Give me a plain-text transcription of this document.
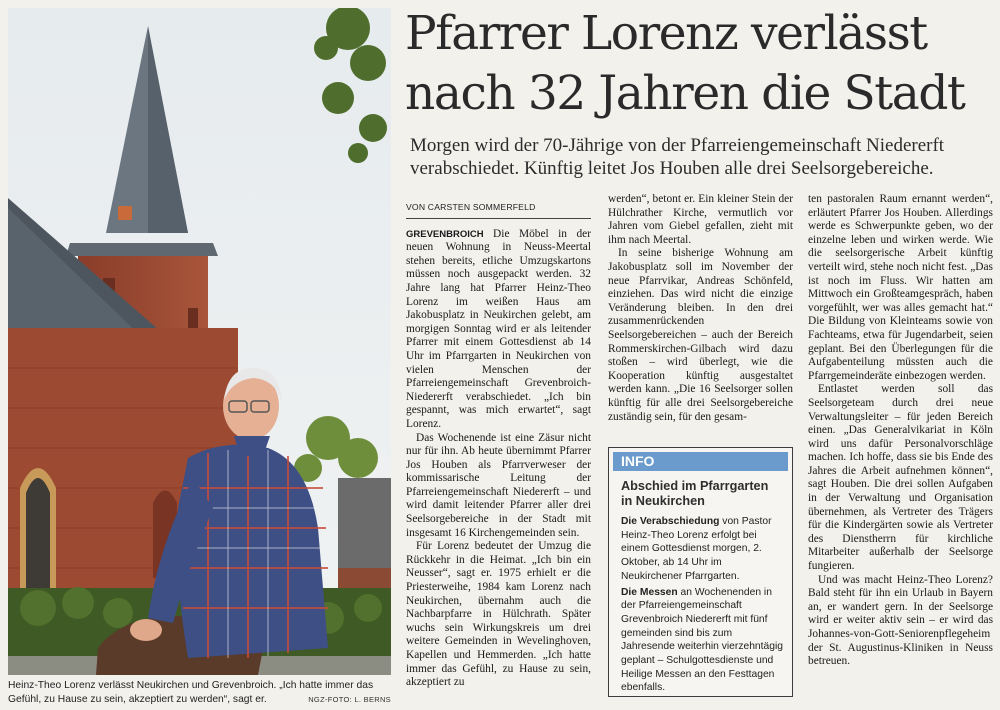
Heinz-Theo Lorenz verlässt Neukirchen und Grevenbroich. „Ich hatte immer das Gefühl, zu Hause zu sein, akzeptiert zu werden“, sagt er.	NGZ-FOTO: L. BERNS
Pfarrer Lorenz verlässt nach 32 Jahren die Stadt
Morgen wird der 70-Jährige von der Pfarreiengemeinschaft Niedererft verabschiedet. Künftig leitet Jos Houben alle drei Seelsorgebereiche.
VON CARSTEN SOMMERFELD

GREVENBROICH Die Möbel in der neuen Wohnung in Neuss-Meertal stehen bereits, etliche Umzugskartons müssen noch ausgepackt werden. 32 Jahre lang hat Pfarrer Heinz-Theo Lorenz im weißen Haus am Jakobusplatz in Neukirchen gelebt, am morgigen Sonntag wird er als leitender Pfarrer mit einem Gottesdienst ab 14 Uhr im Pfarrgarten in Neukirchen von vielen Menschen der Pfarreiengemeinschaft Grevenbroich-Niedererft verabschiedet. „Ich bin gespannt, was mich erwartet“, sagt Lorenz.

Das Wochenende ist eine Zäsur nicht nur für ihn. Ab heute übernimmt Pfarrer Jos Houben als Pfarrverweser der kommissarische Leitung der Pfarreiengemeinschaft Niedererft – und wird damit leitender Pfarrer aller drei Seelsorgebereiche in der Stadt mit insgesamt 16 Kirchengemeinden sein.

Für Lorenz bedeutet der Umzug die Rückkehr in die Heimat. „Ich bin ein Neusser“, sagt er. 1975 erhielt er die Priesterweihe, 1984 kam Lorenz nach Neukirchen, übernahm auch die Nachbarpfarre in Hülchrath. Später wuchs sein Wirkungskreis um drei weitere Gemeinden in Wevelinghoven, Kapellen und Hemmerden. „Ich hatte immer das Gefühl, zu Hause zu sein, akzeptiert zu

werden“, betont er. Ein kleiner Stein der Hülchrather Kirche, vermutlich vor Jahren vom Giebel gefallen, zieht mit ihm nach Meertal.

In seine bisherige Wohnung am Jakobusplatz soll im November der neue Pfarrvikar, Andreas Schönfeld, einziehen. Das wird nicht die einzige Veränderung bleiben. In den drei zusammenrückenden Seelsorgebereichen – auch der Bereich Rommerskirchen-Gilbach wird dazu stoßen – wird überlegt, wie die Kooperation künftig ausgestaltet werden kann. „Die 16 Seelsorger sollen künftig für alle drei Seelsorgebereiche zuständig sein, für den gesam-

INFO
Abschied im Pfarrgarten in Neukirchen

Die Verabschiedung von Pastor Heinz-Theo Lorenz erfolgt bei einem Gottesdienst morgen, 2. Oktober, ab 14 Uhr im Neukirchener Pfarrgarten.

Die Messen an Wochenenden in der Pfarreiengemeinschaft Grevenbroich Niedererft mit fünf gemeinden sind bis zum Jahresende weiterhin vierzehntägig geplant – Schulgottesdienste und Heilige Messen an den Festtagen ebenfalls.

ten pastoralen Raum ernannt werden“, erläutert Pfarrer Jos Houben. Allerdings werde es Schwerpunkte geben, wo der einzelne leben und wirken werde. Wie die seelsorgerische Arbeit künftig verteilt wird, stehe noch nicht fest. „Das ist noch im Fluss. Wir hatten am Mittwoch ein Großteamgespräch, haben vorgefühlt, wer was alles gemacht hat.“ Die Bildung von Kleinteams sowie von Fachteams, etwa für Jugendarbeit, seien geplant. Bei den Überlegungen für die Aufgabenteilung müssten auch die Pfarrgemeinderäte einbezogen werden.

Entlastet werden soll das Seelsorgeteam durch drei neue Verwaltungsleiter – für jeden Bereich einen. „Das Generalvikariat in Köln wird uns dafür Personalvorschläge machen. Ich hoffe, dass sie bis Ende des Jahres die Arbeit aufnehmen können“, sagt Houben. Die drei sollen Aufgaben in der Verwaltung und Organisation übernehmen, als Vertreter des Trägers für die Kindergärten sowie als Vertreter des Dienstherrn für kirchliche Mitarbeiter außerhalb der Seelsorge fungieren.

Und was macht Heinz-Theo Lorenz? Bald steht für ihn ein Urlaub in Bayern an, er wandert gern. In der Seelsorge wird er weiter aktiv sein – er wird das Johannes-von-Gott-Seniorenpflegeheim der St. Augustinus-Kliniken in Neuss betreuen.
